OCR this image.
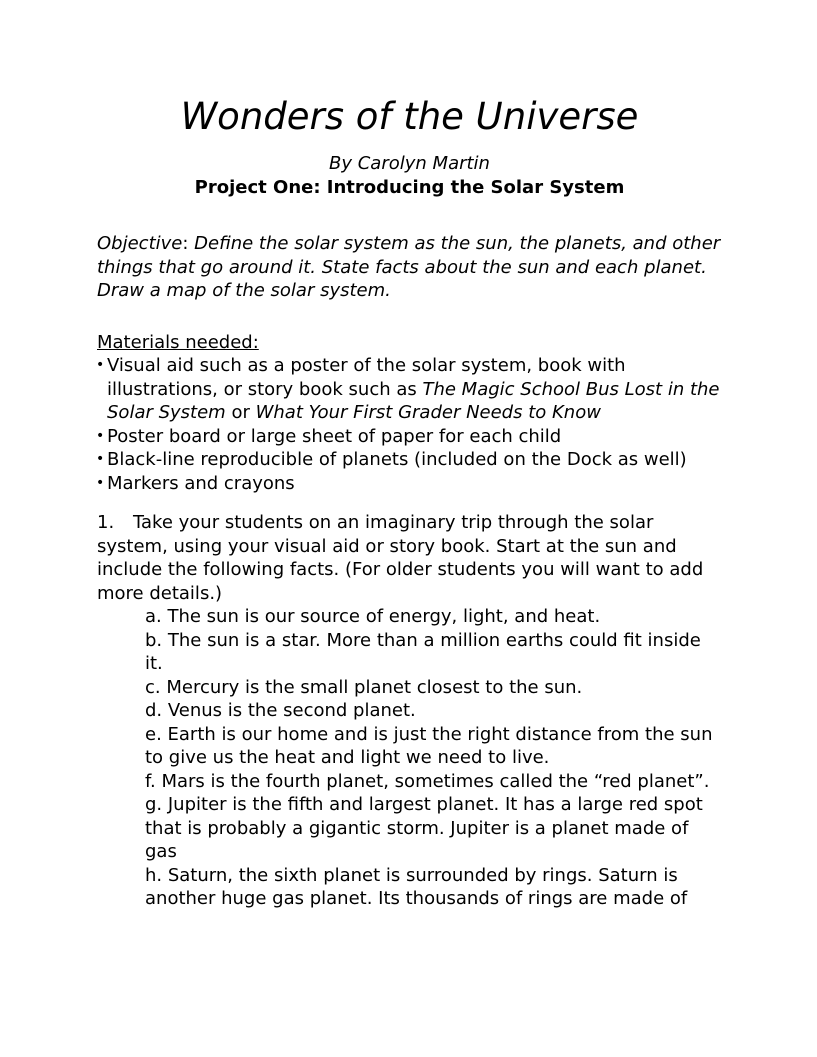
Wonders of the Universe
By Carolyn Martin
Project One: Introducing the Solar System
Objective: Define the solar system as the sun, the planets, and other things that go around it. State facts about the sun and each planet. Draw a map of the solar system.
Materials needed:
• Visual aid such as a poster of the solar system, book with illustrations, or story book such as The Magic School Bus Lost in the Solar System or What Your First Grader Needs to Know
• Poster board or large sheet of paper for each child
• Black-line reproducible of planets (included on the Dock as well)
• Markers and crayons
1. Take your students on an imaginary trip through the solar system, using your visual aid or story book. Start at the sun and include the following facts. (For older students you will want to add more details.)
a. The sun is our source of energy, light, and heat.
b. The sun is a star. More than a million earths could fit inside it.
c. Mercury is the small planet closest to the sun.
d. Venus is the second planet.
e. Earth is our home and is just the right distance from the sun to give us the heat and light we need to live.
f. Mars is the fourth planet, sometimes called the “red planet”.
g. Jupiter is the fifth and largest planet. It has a large red spot that is probably a gigantic storm. Jupiter is a planet made of gas
h. Saturn, the sixth planet is surrounded by rings. Saturn is another huge gas planet. Its thousands of rings are made of
